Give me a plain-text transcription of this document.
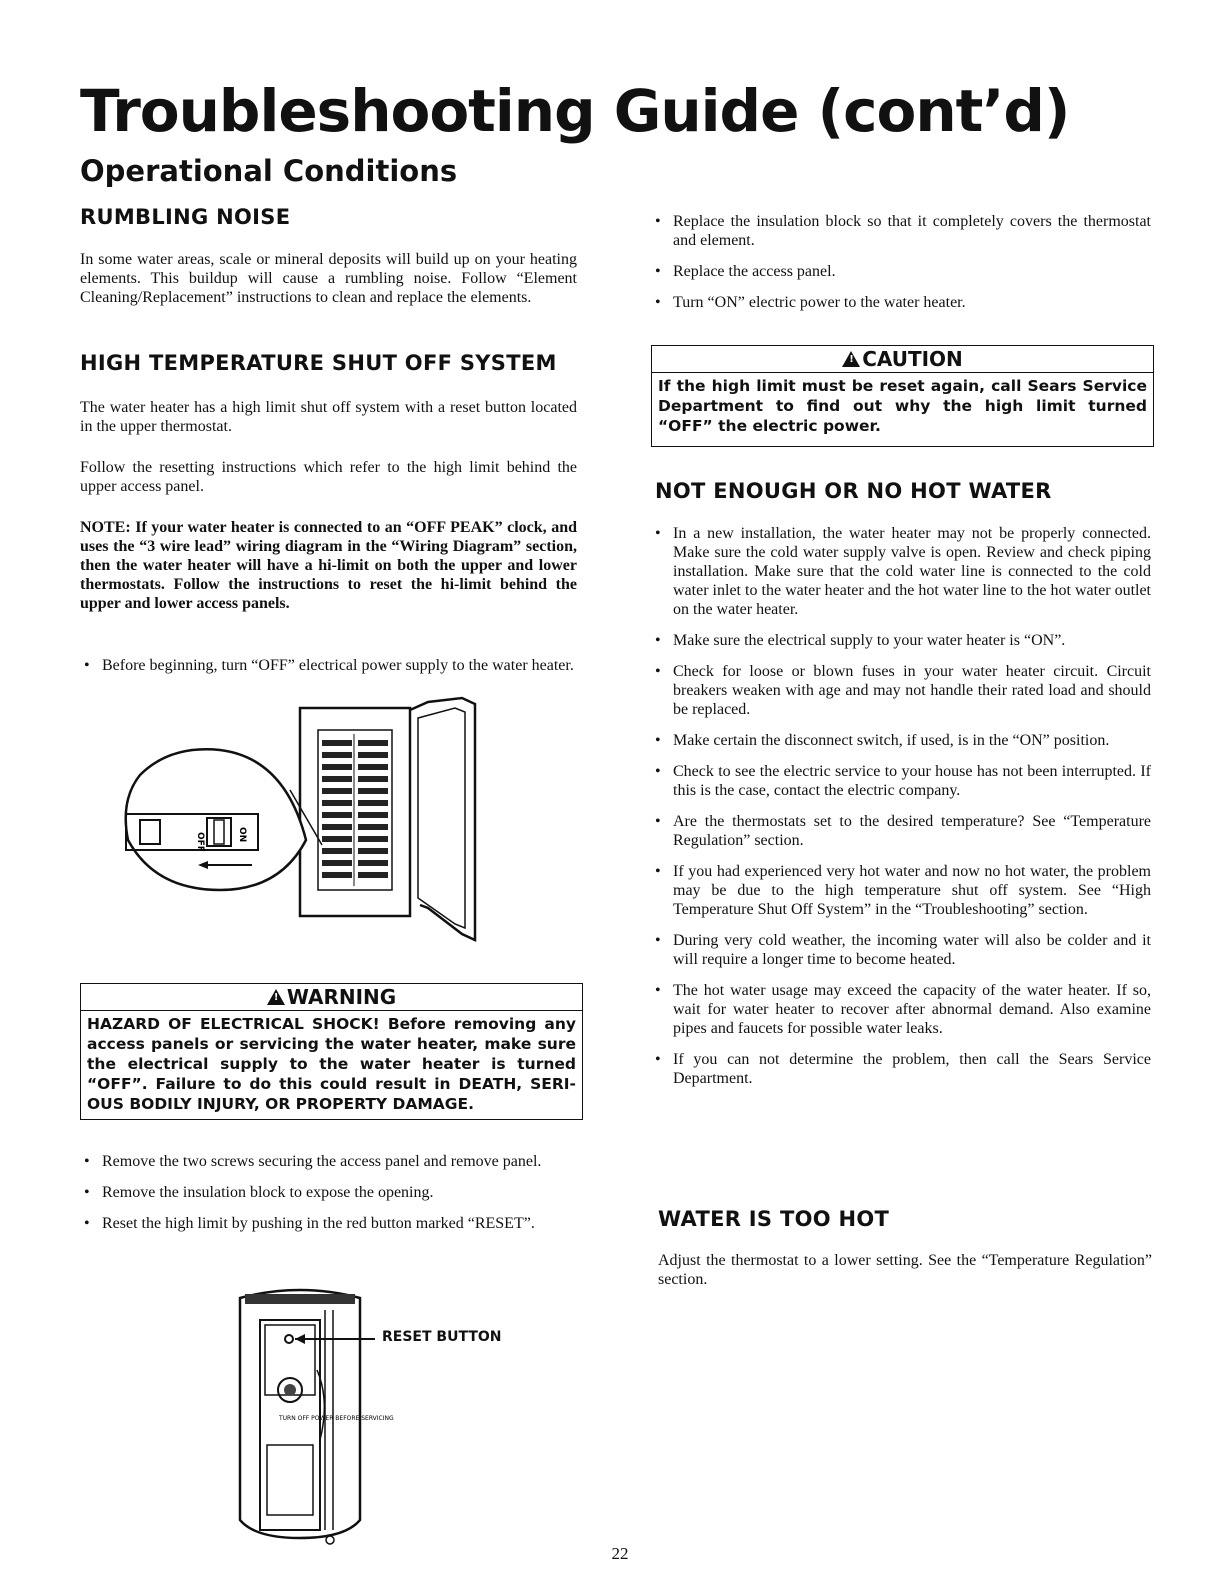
Troubleshooting Guide (cont’d)
Operational Conditions
RUMBLING NOISE

In some water areas, scale or mineral deposits will build up on your heating elements. This buildup will cause a rumbling noise. Follow “Element Cleaning/Replacement” instructions to clean and replace the elements.

HIGH TEMPERATURE SHUT OFF SYSTEM

The water heater has a high limit shut off system with a reset button located in the upper thermostat.

Follow the resetting instructions which refer to the high limit behind the upper access panel.

NOTE: If your water heater is connected to an “OFF PEAK” clock, and uses the “3 wire lead” wiring diagram in the “Wiring Diagram” section, then the water heater will have a hi-limit on both the upper and lower thermostats. Follow the instructions to reset the hi-limit behind the upper and lower access panels.

• Before beginning, turn “OFF” electrical power supply to the water heater.
OFF	ON
!WARNING
HAZARD OF ELECTRICAL SHOCK! Before removing any access panels or servicing the water heater, make sure the electrical supply to the water heater is turned “OFF”. Failure to do this could result in DEATH, SERI-OUS BODILY INJURY, OR PROPERTY DAMAGE.
• Remove the two screws securing the access panel and remove panel.
• Remove the insulation block to expose the opening.
• Reset the high limit by pushing in the red button marked “RESET”.
TURN OFF POWER BEFORE SERVICING
RESET BUTTON
• Replace the insulation block so that it completely covers the thermostat and element.
• Replace the access panel.
• Turn “ON” electric power to the water heater.
!CAUTION
If the high limit must be reset again, call Sears Service Department to find out why the high limit turned “OFF” the electric power.
NOT ENOUGH OR NO HOT WATER
• In a new installation, the water heater may not be properly connected. Make sure the cold water supply valve is open. Review and check piping installation. Make sure that the cold water line is connected to the cold water inlet to the water heater and the hot water line to the hot water outlet on the water heater.
• Make sure the electrical supply to your water heater is “ON”.
• Check for loose or blown fuses in your water heater circuit. Circuit breakers weaken with age and may not handle their rated load and should be replaced.
• Make certain the disconnect switch, if used, is in the “ON” position.
• Check to see the electric service to your house has not been interrupted. If this is the case, contact the electric company.
• Are the thermostats set to the desired temperature? See “Temperature Regulation” section.
• If you had experienced very hot water and now no hot water, the problem may be due to the high temperature shut off system. See “High Temperature Shut Off System” in the “Troubleshooting” section.
• During very cold weather, the incoming water will also be colder and it will require a longer time to become heated.
• The hot water usage may exceed the capacity of the water heater. If so, wait for water heater to recover after abnormal demand. Also examine pipes and faucets for possible water leaks.
• If you can not determine the problem, then call the Sears Service Department.
WATER IS TOO HOT

Adjust the thermostat to a lower setting. See the “Temperature Regulation” section.

22
